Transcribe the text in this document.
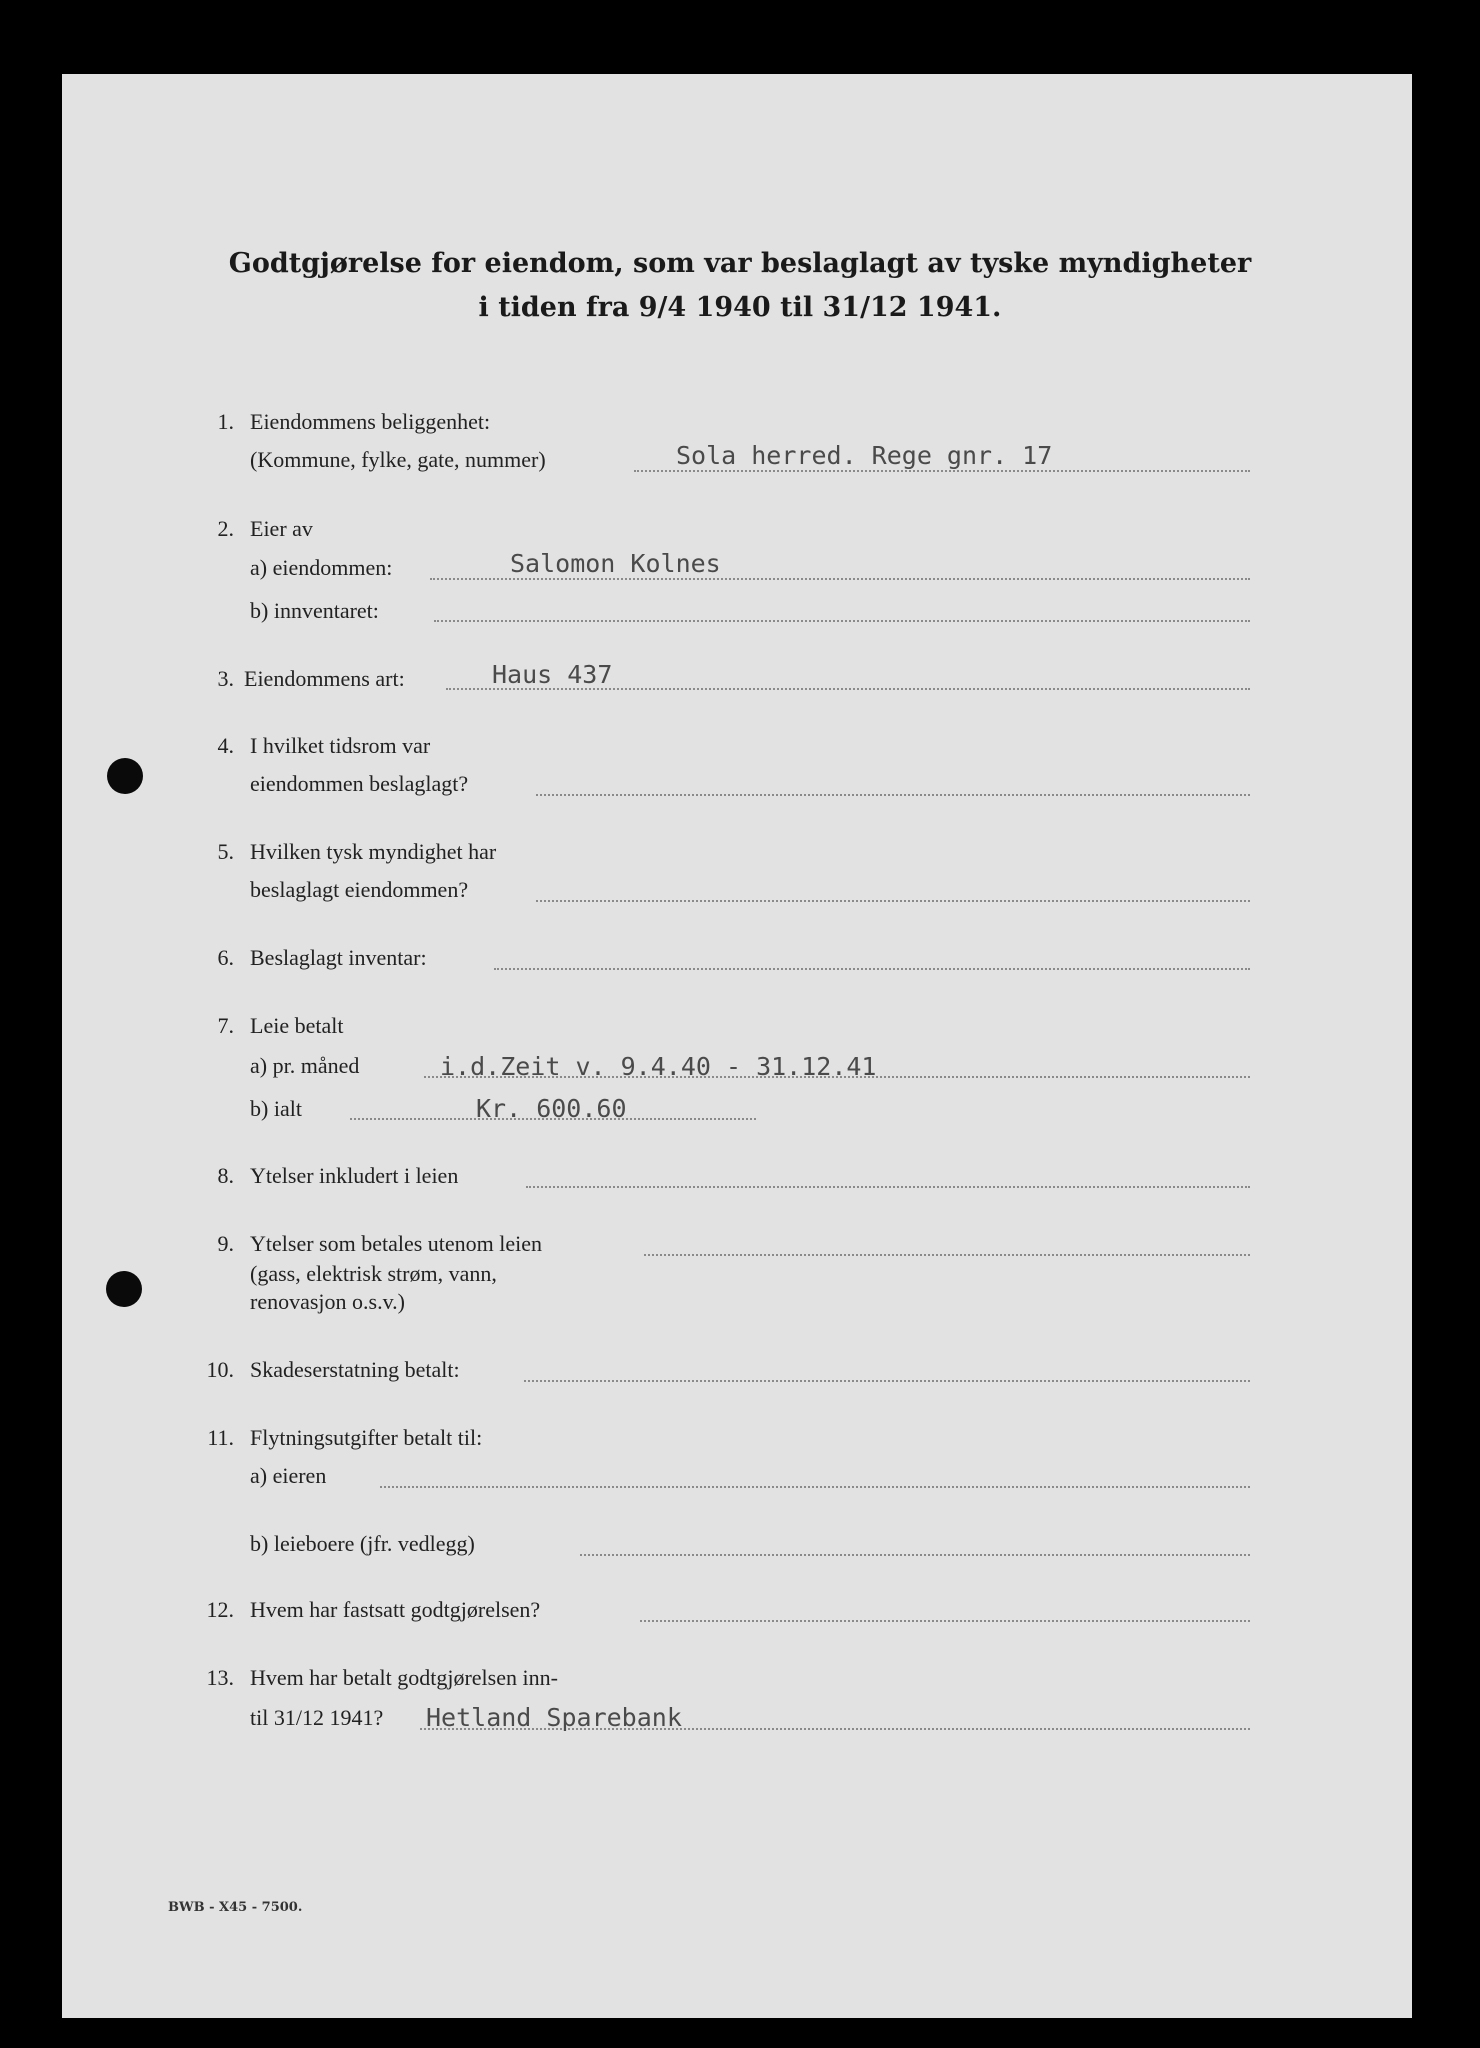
Godtgjørelse for eiendom, som var beslaglagt av tyske myndigheter
i tiden fra 9/4 1940 til 31/12 1941.
1. Eiendommens beliggenhet:
(Kommune, fylke, gate, nummer)	Sola herred. Rege gnr. 17
2. Eier av
a) eiendommen:	Salomon Kolnes
b) innventaret:
3. Eiendommens art:	Haus 437
4. I hvilket tidsrom var
eiendommen beslaglagt?
5. Hvilken tysk myndighet har
beslaglagt eiendommen?
6. Beslaglagt inventar:
7. Leie betalt
a) pr. måned	i.d.Zeit v. 9.4.40 - 31.12.41
b) ialt	Kr. 600.60
8. Ytelser inkludert i leien
9. Ytelser som betales utenom leien
(gass, elektrisk strøm, vann,
renovasjon o.s.v.)
10. Skadeserstatning betalt:
11. Flytningsutgifter betalt til:
a) eieren
b) leieboere (jfr. vedlegg)
12. Hvem har fastsatt godtgjørelsen?
13. Hvem har betalt godtgjørelsen inn-
til 31/12 1941? Hetland Sparebank
BWB - X45 - 7500.
